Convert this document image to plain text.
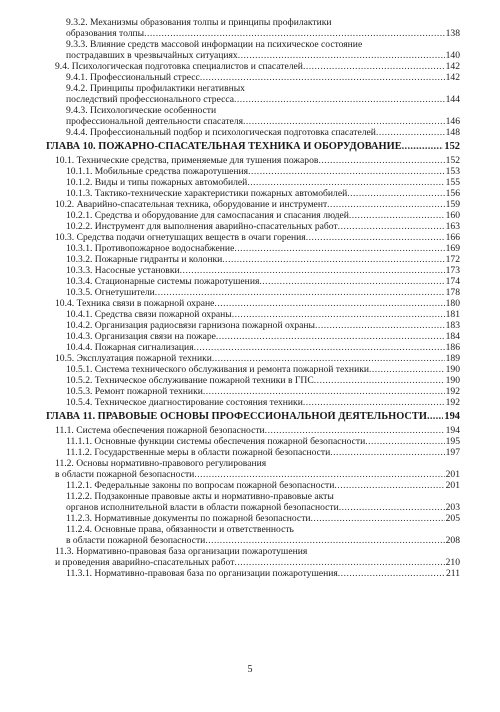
9.3.2. Механизмы образования толпы и принципы профилактики
образования толпы .....	138
9.3.3. Влияние средств массовой информации на психическое состояние
пострадавших в чрезвычайных ситуациях .....	140
9.4. Психологическая подготовка специалистов и спасателей .....	142
9.4.1. Профессиональный стресс .....	142
9.4.2. Принципы профилактики негативных
последствий профессионального стресса .....	144
9.4.3. Психологические особенности
профессиональной деятельности спасателя .....	146
9.4.4. Профессиональный подбор и психологическая подготовка спасателей .....	148
ГЛАВА 10. ПОЖАРНО-СПАСАТЕЛЬНАЯ ТЕХНИКА И ОБОРУДОВАНИЕ .....	152
10.1. Технические средства, применяемые для тушения пожаров .....	152
10.1.1. Мобильные средства пожаротушения .....	153
10.1.2. Виды и типы пожарных автомобилей .....	155
10.1.3. Тактико-технические характеристики пожарных автомобилей .....	156
10.2. Аварийно-спасательная техника, оборудование и инструмент .....	159
10.2.1. Средства и оборудование для самоспасания и спасания людей .....	160
10.2.2. Инструмент для выполнения аварийно-спасательных работ .....	163
10.3. Средства подачи огнетушащих веществ в очаги горения .....	166
10.3.1. Противопожарное водоснабжение .....	169
10.3.2. Пожарные гидранты и колонки .....	172
10.3.3. Насосные установки .....	173
10.3.4. Стационарные системы пожаротушения .....	174
10.3.5. Огнетушители .....	178
10.4. Техника связи в пожарной охране .....	180
10.4.1. Средства связи пожарной охраны .....	181
10.4.2. Организация радиосвязи гарнизона пожарной охраны .....	183
10.4.3. Организация связи на пожаре .....	184
10.4.4. Пожарная сигнализация .....	186
10.5. Эксплуатация пожарной техники .....	189
10.5.1. Система технического обслуживания и ремонта пожарной техники .....	190
10.5.2. Техническое обслуживание пожарной техники в ГПС .....	190
10.5.3. Ремонт пожарной техники .....	192
10.5.4. Техническое диагностирование состояния техники .....	192
ГЛАВА 11. ПРАВОВЫЕ ОСНОВЫ ПРОФЕССИОНАЛЬНОЙ ДЕЯТЕЛЬНОСТИ ..... 194
11.1. Система обеспечения пожарной безопасности .....	194
11.1.1. Основные функции системы обеспечения пожарной безопасности .....	195
11.1.2. Государственные меры в области пожарной безопасности .....	197
11.2. Основы нормативно-правового регулирования
в области пожарной безопасности .....	201
11.2.1. Федеральные законы по вопросам пожарной безопасности .....	201
11.2.2. Подзаконные правовые акты и нормативно-правовые акты
органов исполнительной власти в области пожарной безопасности .....	203
11.2.3. Нормативные документы по пожарной безопасности .....	205
11.2.4. Основные права, обязанности и ответственность
в области пожарной безопасности .....	208
11.3. Нормативно-правовая база организации пожаротушения
и проведения аварийно-спасательных работ .....	210
11.3.1. Нормативно-правовая база по организации пожаротушения .....	211
5
